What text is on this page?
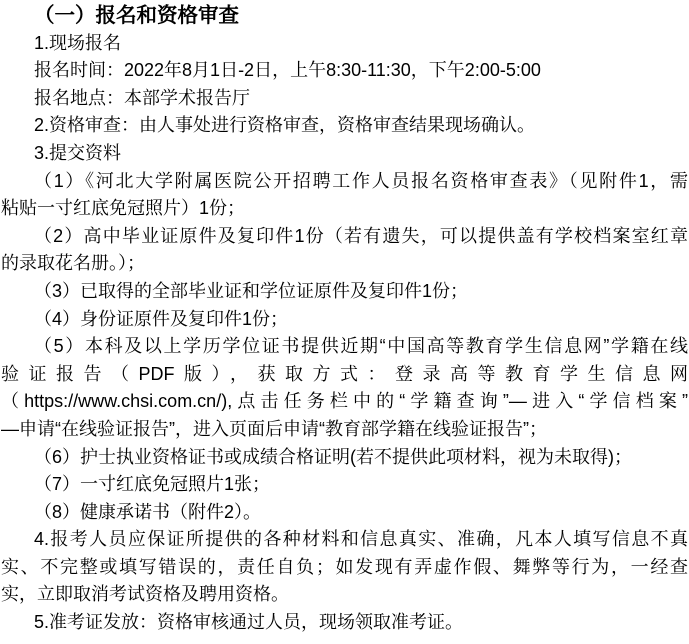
（一）报名和资格审查
1.现场报名
报名时间：2022年8月1日-2日，上午8:30-11:30，下午2:00-5:00
报名地点：本部学术报告厅
2.资格审查：由人事处进行资格审查，资格审查结果现场确认。
3.提交资料
（1）《河北大学附属医院公开招聘工作人员报名资格审查表》（见附件1，需
粘贴一寸红底免冠照片）1份；
（2）高中毕业证原件及复印件1份（若有遗失，可以提供盖有学校档案室红章
的录取花名册。）；
（3）已取得的全部毕业证和学位证原件及复印件1份；
（4）身份证原件及复印件1份；
（5）本科及以上学历学位证书提供近期“中国高等教育学生信息网”学籍在线
验证报告（PDF版），获取方式：登录高等教育学生信息网
（https://www.chsi.com.cn/),点击任务栏中的“学籍查询”—进入“学信档案”
—申请“在线验证报告”，进入页面后申请“教育部学籍在线验证报告”；
（6）护士执业资格证书或成绩合格证明(若不提供此项材料，视为未取得)；
（7）一寸红底免冠照片1张；
（8）健康承诺书（附件2）。
4.报考人员应保证所提供的各种材料和信息真实、准确，凡本人填写信息不真
实、不完整或填写错误的，责任自负；如发现有弄虚作假、舞弊等行为，一经查
实，立即取消考试资格及聘用资格。
5.准考证发放：资格审核通过人员，现场领取准考证。
